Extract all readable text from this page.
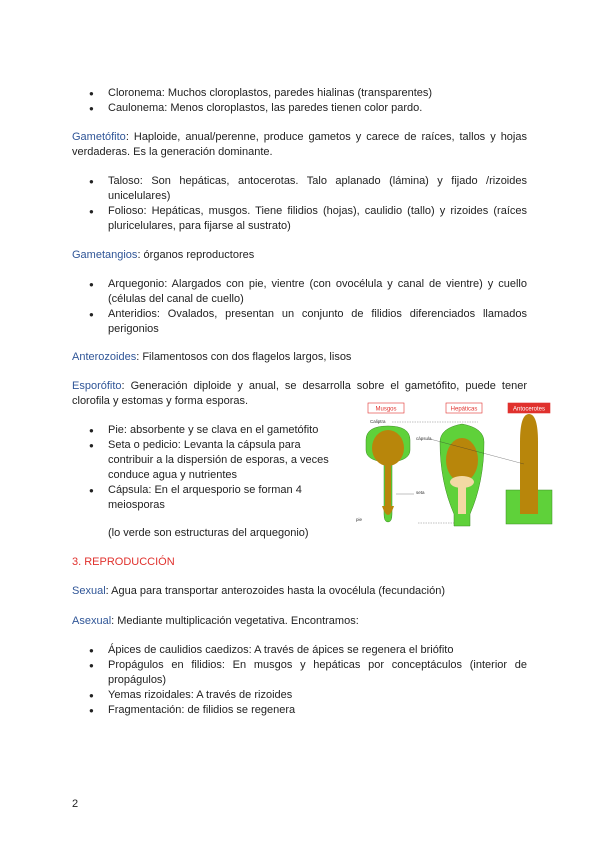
● Cloronema: Muchos cloroplastos, paredes hialinas (transparentes)
● Caulonema: Menos cloroplastos, las paredes tienen color pardo.

Gametófito: Haploide, anual/perenne, produce gametos y carece de raíces, tallos y hojas verdaderas. Es la generación dominante.

● Taloso: Son hepáticas, antocerotas. Talo aplanado (lámina) y fijado /rizoides unicelulares)
● Folioso: Hepáticas, musgos. Tiene filidios (hojas), caulidio (tallo) y rizoides (raíces pluricelulares, para fijarse al sustrato)

Gametangios: órganos reproductores

● Arquegonio: Alargados con pie, vientre (con ovocélula y canal de vientre) y cuello (células del canal de cuello)
● Anteridios: Ovalados, presentan un conjunto de filidios diferenciados llamados perigonios

Anterozoides: Filamentosos con dos flagelos largos, lisos

Esporófito: Generación diploide y anual, se desarrolla sobre el gametófito, puede tener clorofila y estomas y forma esporas.

● Pie: absorbente y se clava en el gametófito
● Seta o pedicio: Levanta la cápsula para contribuir a la dispersión de esporas, a veces conduce agua y nutrientes
● Cápsula: En el arquesporio se forman 4 meiosporas

(lo verde son estructuras del arquegonio)

Musgos	Hepáticas	Antocerotes
Caliptra
cápsula
seta
pie

3. REPRODUCCIÓN

Sexual: Agua para transportar anterozoides hasta la ovocélula (fecundación)

Asexual: Mediante multiplicación vegetativa. Encontramos:

● Ápices de caulidios caedizos: A través de ápices se regenera el briófito
● Propágulos en filidios: En musgos y hepáticas por conceptáculos (interior de propágulos)
● Yemas rizoidales: A través de rizoides
● Fragmentación: de filidios se regenera
2
